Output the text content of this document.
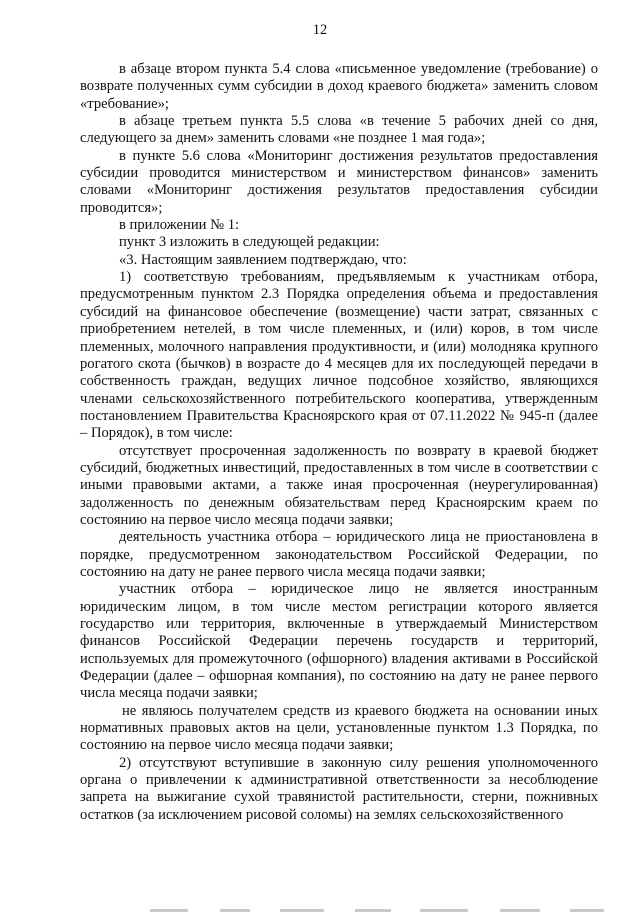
12

в абзаце втором пункта 5.4 слова «письменное уведомление (требование) о возврате полученных сумм субсидии в доход краевого бюджета» заменить словом «требование»;

в абзаце третьем пункта 5.5 слова «в течение 5 рабочих дней со дня, следующего за днем» заменить словами «не позднее 1 мая года»;

в пункте 5.6 слова «Мониторинг достижения результатов предоставления субсидии проводится министерством и министерством финансов» заменить словами «Мониторинг достижения результатов предоставления субсидии проводится»;

в приложении № 1:

пункт 3 изложить в следующей редакции:

«3. Настоящим заявлением подтверждаю, что:

1) соответствую требованиям, предъявляемым к участникам отбора, предусмотренным пунктом 2.3 Порядка определения объема и предоставления субсидий на финансовое обеспечение (возмещение) части затрат, связанных с приобретением нетелей, в том числе племенных, и (или) коров, в том числе племенных, молочного направления продуктивности, и (или) молодняка крупного рогатого скота (бычков) в возрасте до 4 месяцев для их последующей передачи в собственность граждан, ведущих личное подсобное хозяйство, являющихся членами сельскохозяйственного потребительского кооператива, утвержденным постановлением Правительства Красноярского края от 07.11.2022 № 945-п (далее – Порядок), в том числе:

отсутствует просроченная задолженность по возврату в краевой бюджет субсидий, бюджетных инвестиций, предоставленных в том числе в соответствии с иными правовыми актами, а также иная просроченная (неурегулированная) задолженность по денежным обязательствам перед Красноярским краем по состоянию на первое число месяца подачи заявки;

деятельность участника отбора – юридического лица не приостановлена в порядке, предусмотренном законодательством Российской Федерации, по состоянию на дату не ранее первого числа месяца подачи заявки;

участник отбора – юридическое лицо не является иностранным юридическим лицом, в том числе местом регистрации которого является государство или территория, включенные в утверждаемый Министерством финансов Российской Федерации перечень государств и территорий, используемых для промежуточного (офшорного) владения активами в Российской Федерации (далее – офшорная компания), по состоянию на дату не ранее первого числа месяца подачи заявки;

не являюсь получателем средств из краевого бюджета на основании иных нормативных правовых актов на цели, установленные пунктом 1.3 Порядка, по состоянию на первое число месяца подачи заявки;

2) отсутствуют вступившие в законную силу решения уполномоченного органа о привлечении к административной ответственности за несоблюдение запрета на выжигание сухой травянистой растительности, стерни, пожнивных остатков (за исключением рисовой соломы) на землях сельскохозяйственного
